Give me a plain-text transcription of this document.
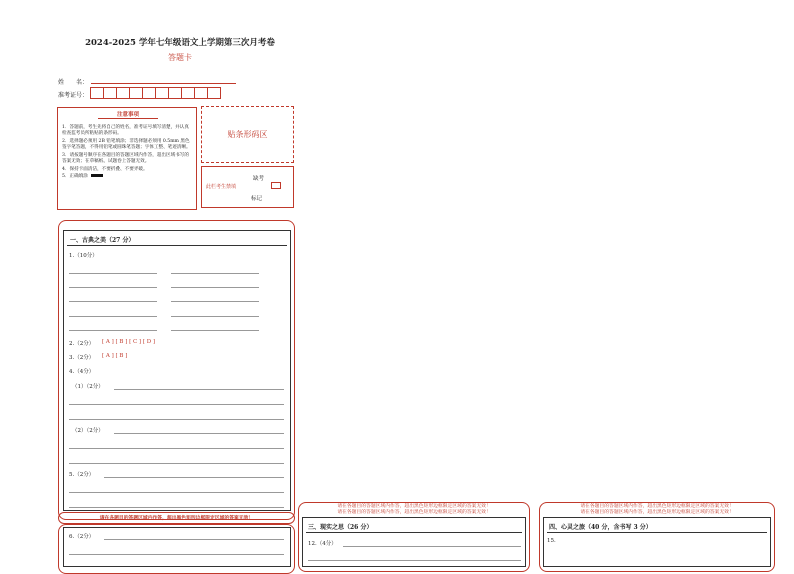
2024-2025 学年七年级语文上学期第三次月考卷
答题卡
姓　　名：
准考证号：
注意事项
1．答题前，考生先将自己的姓名，准考证号填写清楚，并认真检查监考员所粘贴的条形码。
2．选择题必须用 2B 铅笔填涂；非选择题必须用 0.5mm 黑色签字笔答题，不得用铅笔或圆珠笔答题；字体工整、笔迹清晰。
3．请按题号顺序在各题目的答题区域内作答，超出区域书写的答案无效；在草稿纸、试题卷上答题无效。
4．保持卡面清洁，不要折叠、不要弄破。
5．正确填涂
贴条形码区
缺考
此栏考生禁填
标记
一、古典之美（27 分）
1.（10分）
2.（2分） [ A ] [ B ] [ C ] [ D ]
3.（2分） [ A ] [ B ]
4.（4分）
（1）（2分）
（2）（2分）
5.（2分）
请在各题目的答题区域内作答，超出黑色矩形边框限定区域的答案无效！
6.（2分）
请在各题目的答题区域内作答，超出黑色矩形边框限定区域的答案无效！
请在各题目的答题区域内作答，超出黑色矩形边框限定区域的答案无效！
三、现实之思（26 分）
12.（4分）
请在各题目的答题区域内作答，超出黑色矩形边框限定区域的答案无效！
请在各题目的答题区域内作答，超出黑色矩形边框限定区域的答案无效！
四、心灵之旅（40 分，含书写 3 分）
15.
